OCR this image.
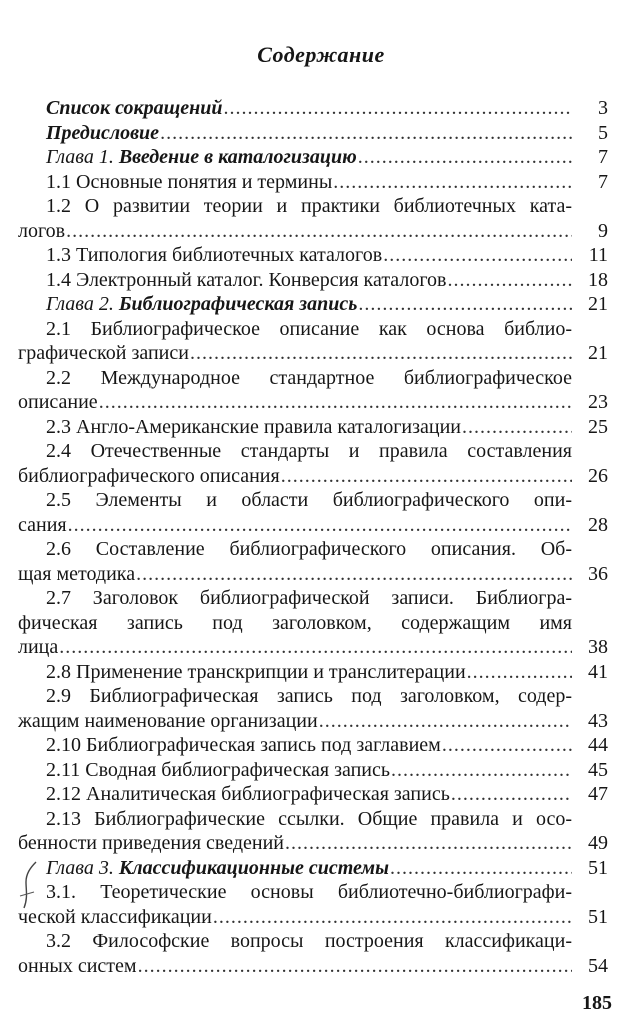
Содержание
Список сокращений .....	3
Предисловие .....	5
Глава 1. Введение в каталогизацию .....	7
1.1 Основные понятия и термины .....	7
1.2 О развитии теории и практики библиотечных ката-
логов .....	9
1.3 Типология библиотечных каталогов .....	11
1.4 Электронный каталог. Конверсия каталогов .....	18
Глава 2. Библиографическая запись .....	21
2.1 Библиографическое описание как основа библио-
графической записи .....	21
2.2 Международное стандартное библиографическое
описание .....	23
2.3 Англо-Американские правила каталогизации .....	25
2.4 Отечественные стандарты и правила составления
библиографического описания .....	26
2.5 Элементы и области библиографического опи-
сания .....	28
2.6 Составление библиографического описания. Об-
щая методика .....	36
2.7 Заголовок библиографической записи. Библиогра-
фическая запись под заголовком, содержащим имя
лица .....	38
2.8 Применение транскрипции и транслитерации .....	41
2.9 Библиографическая запись под заголовком, содер-
жащим наименование организации .....	43
2.10 Библиографическая запись под заглавием .....	44
2.11 Сводная библиографическая запись .....	45
2.12 Аналитическая библиографическая запись .....	47
2.13 Библиографические ссылки. Общие правила и осо-
бенности приведения сведений .....	49
Глава 3. Классификационные системы .....	51
3.1. Теоретические основы библиотечно-библиографи-
ческой классификации .....	51
3.2 Философские вопросы построения классификаци-
онных систем .....	54
185
